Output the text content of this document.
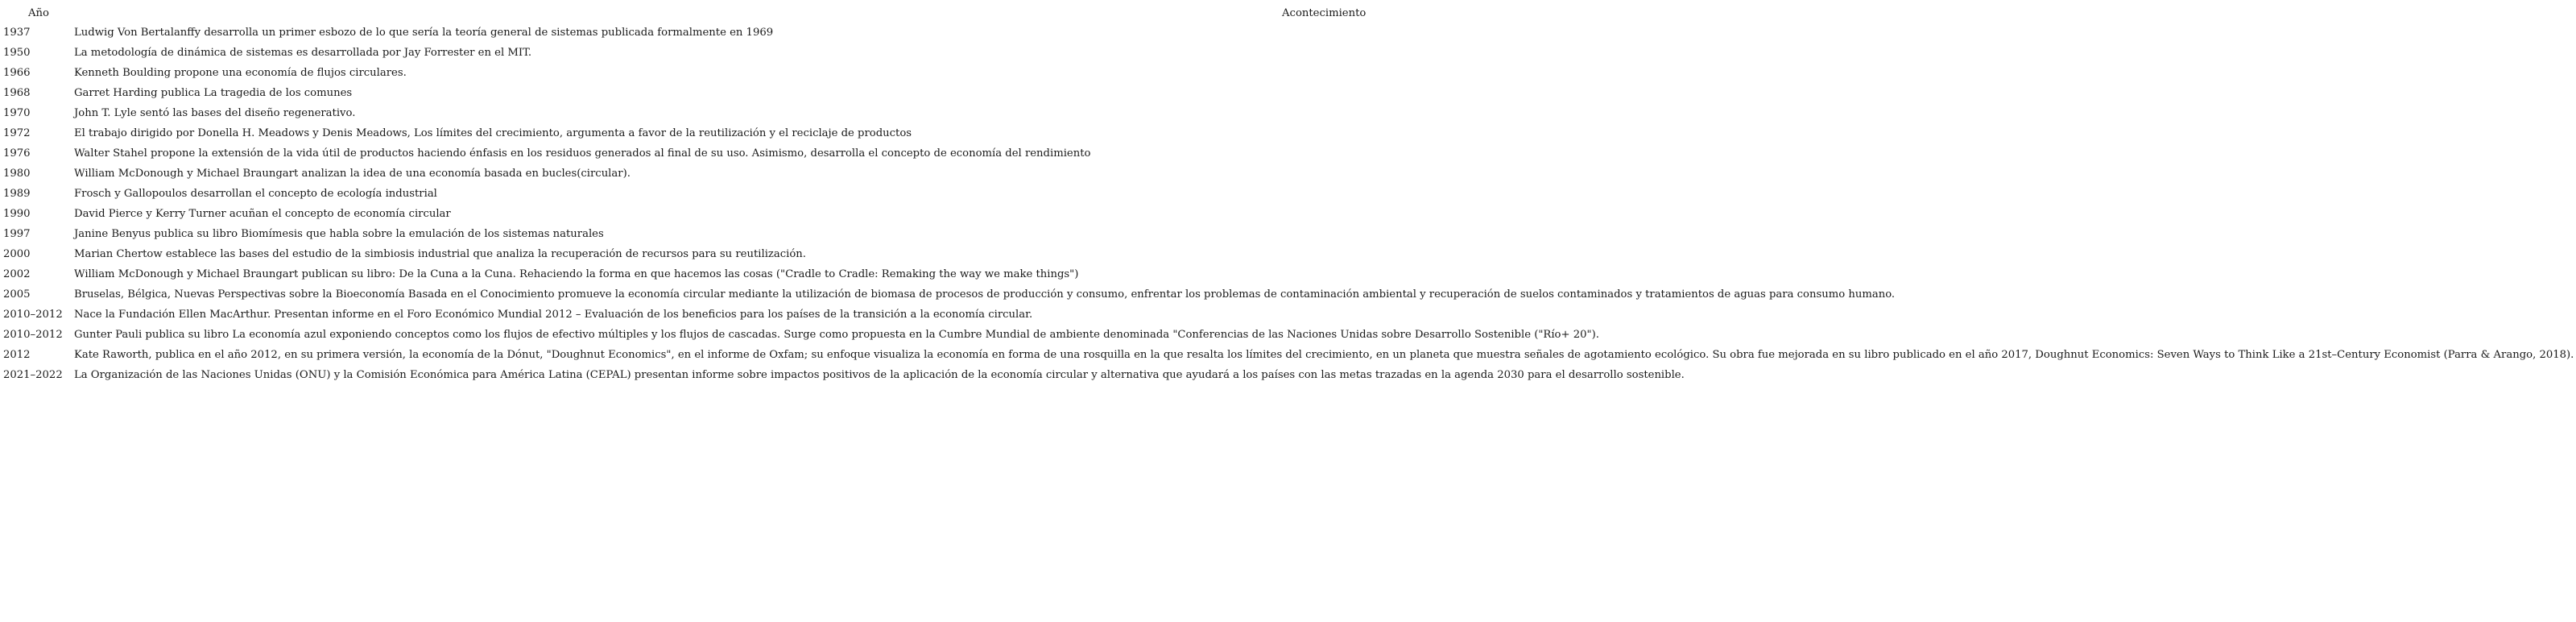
Año	Acontecimiento
1937	Ludwig Von Bertalanffy desarrolla un primer esbozo de lo que sería la teoría general de sistemas publicada formalmente en 1969
1950	La metodología de dinámica de sistemas es desarrollada por Jay Forrester en el MIT.
1966	Kenneth Boulding propone una economía de flujos circulares.
1968	Garret Harding publica La tragedia de los comunes
1970	John T. Lyle sentó las bases del diseño regenerativo.
1972	El trabajo dirigido por Donella H. Meadows y Denis Meadows, Los límites del crecimiento, argumenta a favor de la reutilización y el reciclaje de productos
1976	Walter Stahel propone la extensión de la vida útil de productos haciendo énfasis en los residuos generados al final de su uso. Asimismo, desarrolla el concepto de economía del rendimiento
1980	William McDonough y Michael Braungart analizan la idea de una economía basada en bucles(circular).
1989	Frosch y Gallopoulos desarrollan el concepto de ecología industrial
1990	David Pierce y Kerry Turner acuñan el concepto de economía circular
1997	Janine Benyus publica su libro Biomímesis que habla sobre la emulación de los sistemas naturales
2000	Marian Chertow establece las bases del estudio de la simbiosis industrial que analiza la recuperación de recursos para su reutilización.
2002	William McDonough y Michael Braungart publican su libro: De la Cuna a la Cuna. Rehaciendo la forma en que hacemos las cosas ("Cradle to Cradle: Remaking the way we make things")
2005	Bruselas, Bélgica, Nuevas Perspectivas sobre la Bioeconomía Basada en el Conocimiento promueve la economía circular mediante la utilización de biomasa de procesos de producción y consumo, enfrentar los problemas de contaminación ambiental y recuperación de suelos contaminados y tratamientos de aguas para consumo humano.
2010–2012	Nace la Fundación Ellen MacArthur. Presentan informe en el Foro Económico Mundial 2012 – Evaluación de los beneficios para los países de la transición a la economía circular.
2010–2012	Gunter Pauli publica su libro La economía azul exponiendo conceptos como los flujos de efectivo múltiples y los flujos de cascadas. Surge como propuesta en la Cumbre Mundial de ambiente denominada "Conferencias de las Naciones Unidas sobre Desarrollo Sostenible ("Río+ 20").
2012	Kate Raworth, publica en el año 2012, en su primera versión, la economía de la Dónut, "Doughnut Economics", en el informe de Oxfam; su enfoque visualiza la economía en forma de una rosquilla en la que resalta los límites del crecimiento, en un planeta que muestra señales de agotamiento ecológico. Su obra fue mejorada en su libro publicado en el año 2017, Doughnut Economics: Seven Ways to Think Like a 21st–Century Economist (Parra & Arango, 2018).
2021–2022	La Organización de las Naciones Unidas (ONU) y la Comisión Económica para América Latina (CEPAL) presentan informe sobre impactos positivos de la aplicación de la economía circular y alternativa que ayudará a los países con las metas trazadas en la agenda 2030 para el desarrollo sostenible.
